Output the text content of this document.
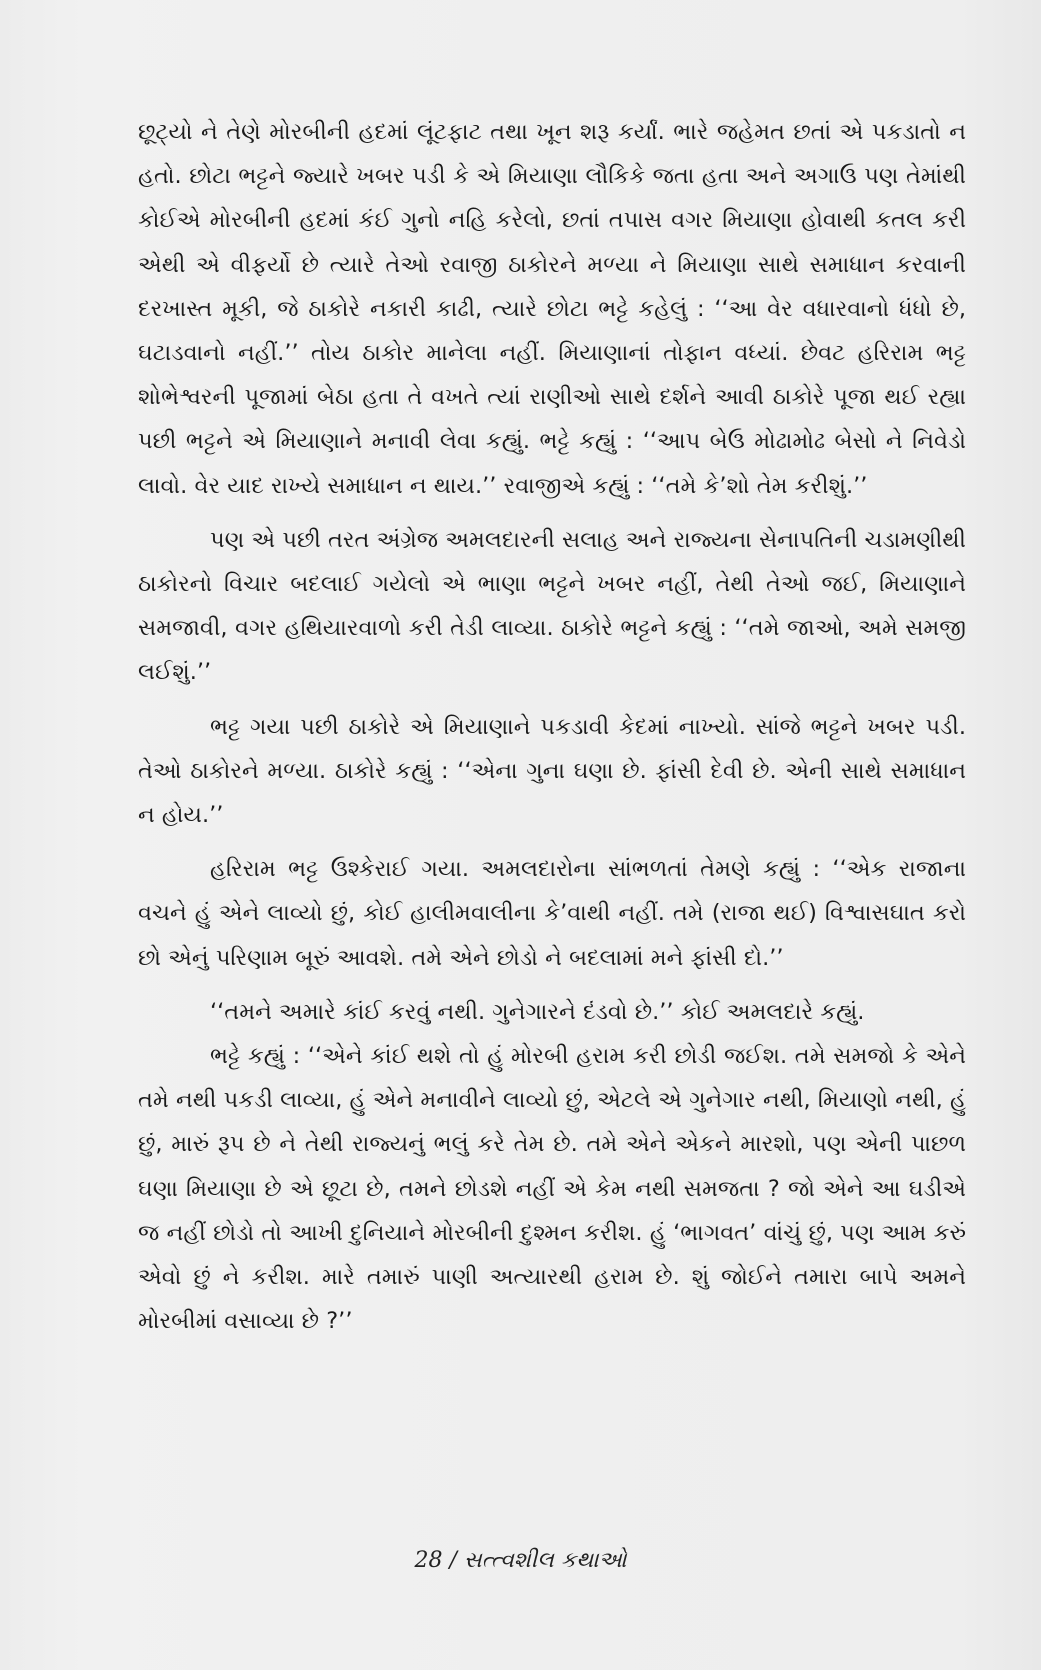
છૂટ્યો ને તેણે મોરબીની હદમાં લૂંટફાટ તથા ખૂન શરૂ કર્યાં. ભારે જહેમત છતાં એ પકડાતો ન હતો. છોટા ભટ્ટને જ્યારે ખબર પડી કે એ મિયાણા લૌકિકે જતા હતા અને અગાઉ પણ તેમાંથી કોઈએ મોરબીની હદમાં કંઈ ગુનો નહિ કરેલો, છતાં તપાસ વગર મિયાણા હોવાથી કતલ કરી એથી એ વીફર્યો છે ત્યારે તેઓ રવાજી ઠાકોરને મળ્યા ને મિયાણા સાથે સમાધાન કરવાની દરખાસ્ત મૂકી, જે ઠાકોરે નકારી કાઢી, ત્યારે છોટા ભટ્ટે કહેલું : ‘‘આ વેર વધારવાનો ધંધો છે, ઘટાડવાનો નહીં.’’ તોય ઠાકોર માનેલા નહીં. મિયાણાનાં તોફાન વધ્યાં. છેવટ હરિરામ ભટ્ટ શોભેશ્વરની પૂજામાં બેઠા હતા તે વખતે ત્યાં રાણીઓ સાથે દર્શને આવી ઠાકોરે પૂજા થઈ રહ્યા પછી ભટ્ટને એ મિયાણાને મનાવી લેવા કહ્યું. ભટ્ટે કહ્યું : ‘‘આપ બેઉ મોઢામોઢ બેસો ને નિવેડો લાવો. વેર યાદ રાખ્યે સમાધાન ન થાય.’’ રવાજીએ કહ્યું : ‘‘તમે કે’શો તેમ કરીશું.’’

પણ એ પછી તરત અંગ્રેજ અમલદારની સલાહ અને રાજ્યના સેનાપતિની ચડામણીથી ઠાકોરનો વિચાર બદલાઈ ગયેલો એ ભાણા ભટ્ટને ખબર નહીં, તેથી તેઓ જઈ, મિયાણાને સમજાવી, વગર હથિયારવાળો કરી તેડી લાવ્યા. ઠાકોરે ભટ્ટને કહ્યું : ‘‘તમે જાઓ, અમે સમજી લઈશું.’’

ભટ્ટ ગયા પછી ઠાકોરે એ મિયાણાને પકડાવી કેદમાં નાખ્યો. સાંજે ભટ્ટને ખબર પડી. તેઓ ઠાકોરને મળ્યા. ઠાકોરે કહ્યું : ‘‘એના ગુના ઘણા છે. ફાંસી દેવી છે. એની સાથે સમાધાન ન હોય.’’

હરિરામ ભટ્ટ ઉશ્કેરાઈ ગયા. અમલદારોના સાંભળતાં તેમણે કહ્યું : ‘‘એક રાજાના વચને હું એને લાવ્યો છું, કોઈ હાલીમવાલીના કે’વાથી નહીં. તમે (રાજા થઈ) વિશ્વાસઘાત કરો છો એનું પરિણામ બૂરું આવશે. તમે એને છોડો ને બદલામાં મને ફાંસી દો.’’

‘‘તમને અમારે કાંઈ કરવું નથી. ગુનેગારને દંડવો છે.’’ કોઈ અમલદારે કહ્યું.

ભટ્ટે કહ્યું : ‘‘એને કાંઈ થશે તો હું મોરબી હરામ કરી છોડી જઈશ. તમે સમજો કે એને તમે નથી પકડી લાવ્યા, હું એને મનાવીને લાવ્યો છું, એટલે એ ગુનેગાર નથી, મિયાણો નથી, હું છું, મારું રૂપ છે ને તેથી રાજ્યનું ભલું કરે તેમ છે. તમે એને એકને મારશો, પણ એની પાછળ ઘણા મિયાણા છે એ છૂટા છે, તમને છોડશે નહીં એ કેમ નથી સમજતા ? જો એને આ ઘડીએ જ નહીં છોડો તો આખી દુનિયાને મોરબીની દુશ્મન કરીશ. હું ‘ભાગવત’ વાંચું છું, પણ આમ કરું એવો છું ને કરીશ. મારે તમારું પાણી અત્યારથી હરામ છે. શું જોઈને તમારા બાપે અમને મોરબીમાં વસાવ્યા છે ?’’

28 / સત્ત્વશીલ કથાઓ
